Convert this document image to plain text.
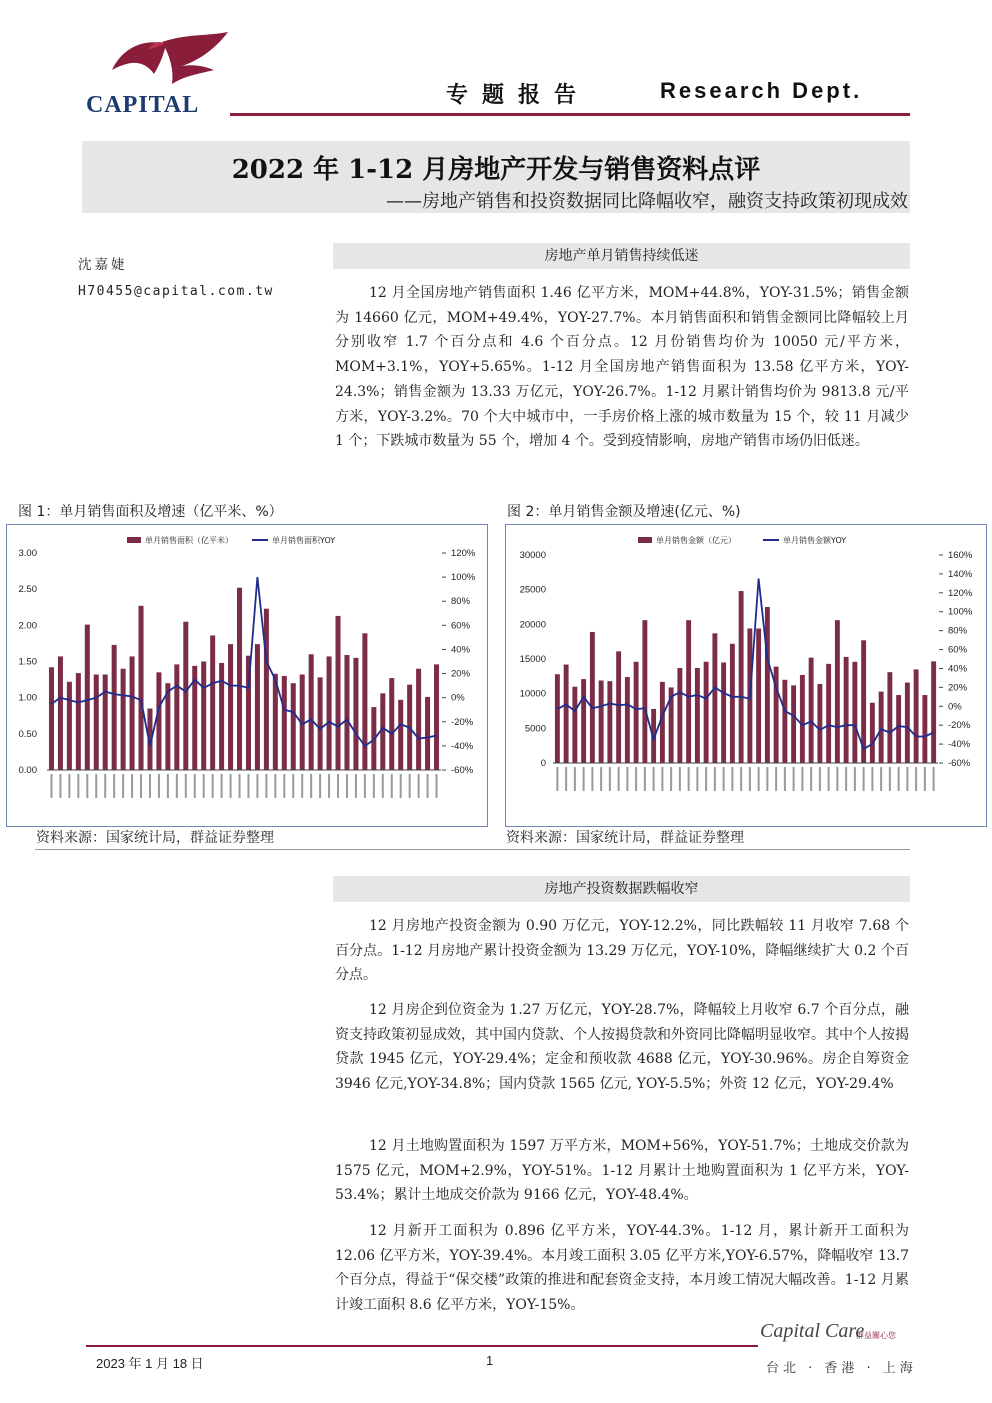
CAPITAL	专题报告	Research Dept.
2022 年 1-12 月房地产开发与销售资料点评
——房地产销售和投资数据同比降幅收窄，融资支持政策初现成效
沈嘉婕
H70455@capital.com.tw
房地产单月销售持续低迷

12 月全国房地产销售面积 1.46 亿平方米，MOM+44.8%，YOY-31.5%；销售金额为 14660 亿元，MOM+49.4%，YOY-27.7%。本月销售面积和销售金额同比降幅较上月分别收窄 1.7 个百分点和 4.6 个百分点。12 月份销售均价为 10050 元/平方米，MOM+3.1%，YOY+5.65%。1-12 月全国房地产销售面积为 13.58 亿平方米，YOY-24.3%；销售金额为 13.33 万亿元，YOY-26.7%。1-12 月累计销售均价为 9813.8 元/平方米，YOY-3.2%。70 个大中城市中，一手房价格上涨的城市数量为 15 个，较 11 月减少 1 个；下跌城市数量为 55 个，增加 4 个。受到疫情影响，房地产销售市场仍旧低迷。

图 1：单月销售面积及增速（亿平米、%）	图 2：单月销售金额及增速(亿元、%)
单月销售面积（亿平米）	单月销售面积YOY
3.00
2.50
2.00
1.50
1.00
0.50
0.00
120%
100%
80%
60%
40%
20%
0%
-20%
-40%
-60%
单月销售金额（亿元）	单月销售金额YOY
30000
25000
20000
15000
10000
5000
0
160%
140%
120%
100%
80%
60%
40%
20%
0%
-20%
-40%
-60%
资料来源：国家统计局，群益证券整理	资料来源：国家统计局，群益证券整理
房地产投资数据跌幅收窄

12 月房地产投资金额为 0.90 万亿元，YOY-12.2%，同比跌幅较 11 月收窄 7.68 个百分点。1-12 月房地产累计投资金额为 13.29 万亿元，YOY-10%，降幅继续扩大 0.2 个百分点。

12 月房企到位资金为 1.27 万亿元，YOY-28.7%，降幅较上月收窄 6.7 个百分点，融资支持政策初显成效，其中国内贷款、个人按揭贷款和外资同比降幅明显收窄。其中个人按揭贷款 1945 亿元，YOY-29.4%；定金和预收款 4688 亿元，YOY-30.96%。房企自筹资金 3946 亿元,YOY-34.8%；国内贷款 1565 亿元, YOY-5.5%；外资 12 亿元，YOY-29.4%

12 月土地购置面积为 1597 万平方米，MOM+56%，YOY-51.7%；土地成交价款为 1575 亿元，MOM+2.9%，YOY-51%。1-12 月累计土地购置面积为 1 亿平方米，YOY-53.4%；累计土地成交价款为 9166 亿元，YOY-48.4%。

12 月新开工面积为 0.896 亿平方米，YOY-44.3%。1-12 月，累计新开工面积为 12.06 亿平方米，YOY-39.4%。本月竣工面积 3.05 亿平方米,YOY-6.57%，降幅收窄 13.7 个百分点，得益于“保交楼”政策的推进和配套资金支持，本月竣工情况大幅改善。1-12 月累计竣工面积 8.6 亿平方米，YOY-15%。

2023 年 1 月 18 日	1
Capital Care
群益關心您
台北 · 香港 · 上海
